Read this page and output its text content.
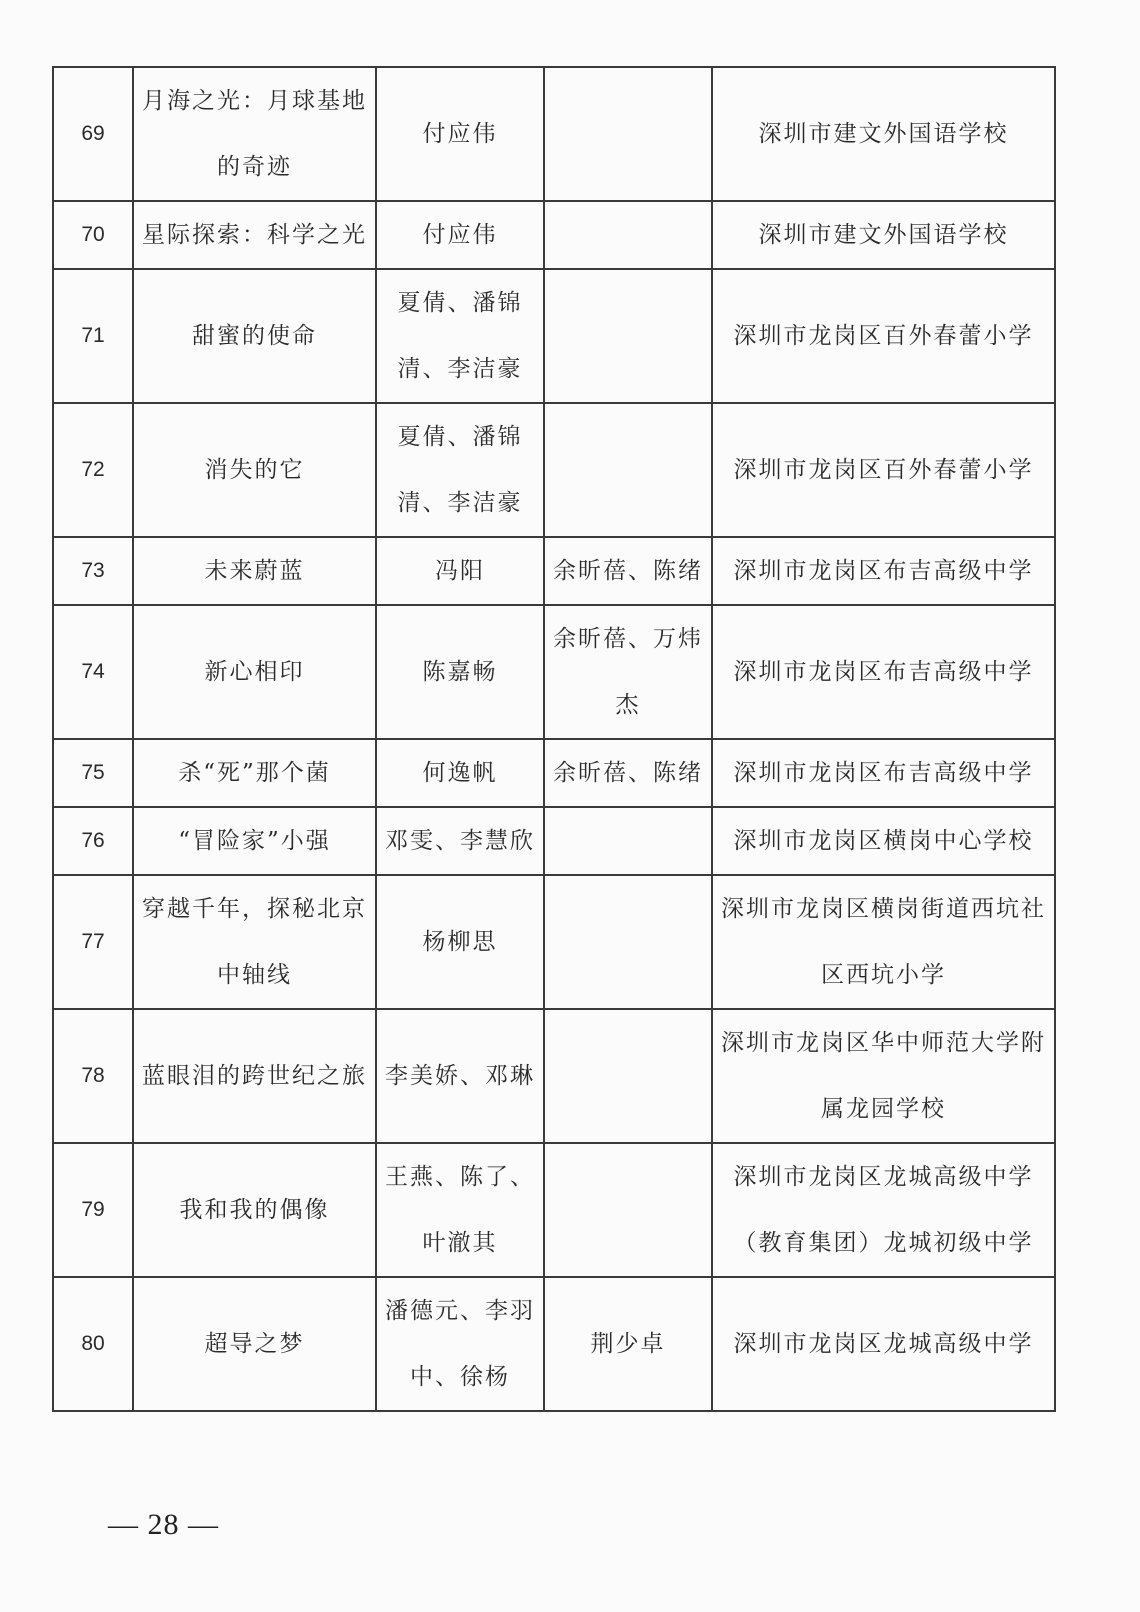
69	月海之光：月球基地的奇迹	付应伟		深圳市建文外国语学校
70	星际探索：科学之光	付应伟		深圳市建文外国语学校
71	甜蜜的使命	夏倩、潘锦清、李洁豪		深圳市龙岗区百外春蕾小学
72	消失的它	夏倩、潘锦清、李洁豪		深圳市龙岗区百外春蕾小学
73	未来蔚蓝	冯阳	余昕蓓、陈绪	深圳市龙岗区布吉高级中学
74	新心相印	陈嘉畅	余昕蓓、万炜杰	深圳市龙岗区布吉高级中学
75	杀“死”那个菌	何逸帆	余昕蓓、陈绪	深圳市龙岗区布吉高级中学
76	“冒险家”小强	邓雯、李慧欣		深圳市龙岗区横岗中心学校
77	穿越千年，探秘北京中轴线	杨柳思		深圳市龙岗区横岗街道西坑社区西坑小学
78	蓝眼泪的跨世纪之旅	李美娇、邓琳		深圳市龙岗区华中师范大学附属龙园学校
79	我和我的偶像	王燕、陈了、叶澈其		深圳市龙岗区龙城高级中学（教育集团）龙城初级中学
80	超导之梦	潘德元、李羽中、徐杨	荆少卓	深圳市龙岗区龙城高级中学
— 28 —
